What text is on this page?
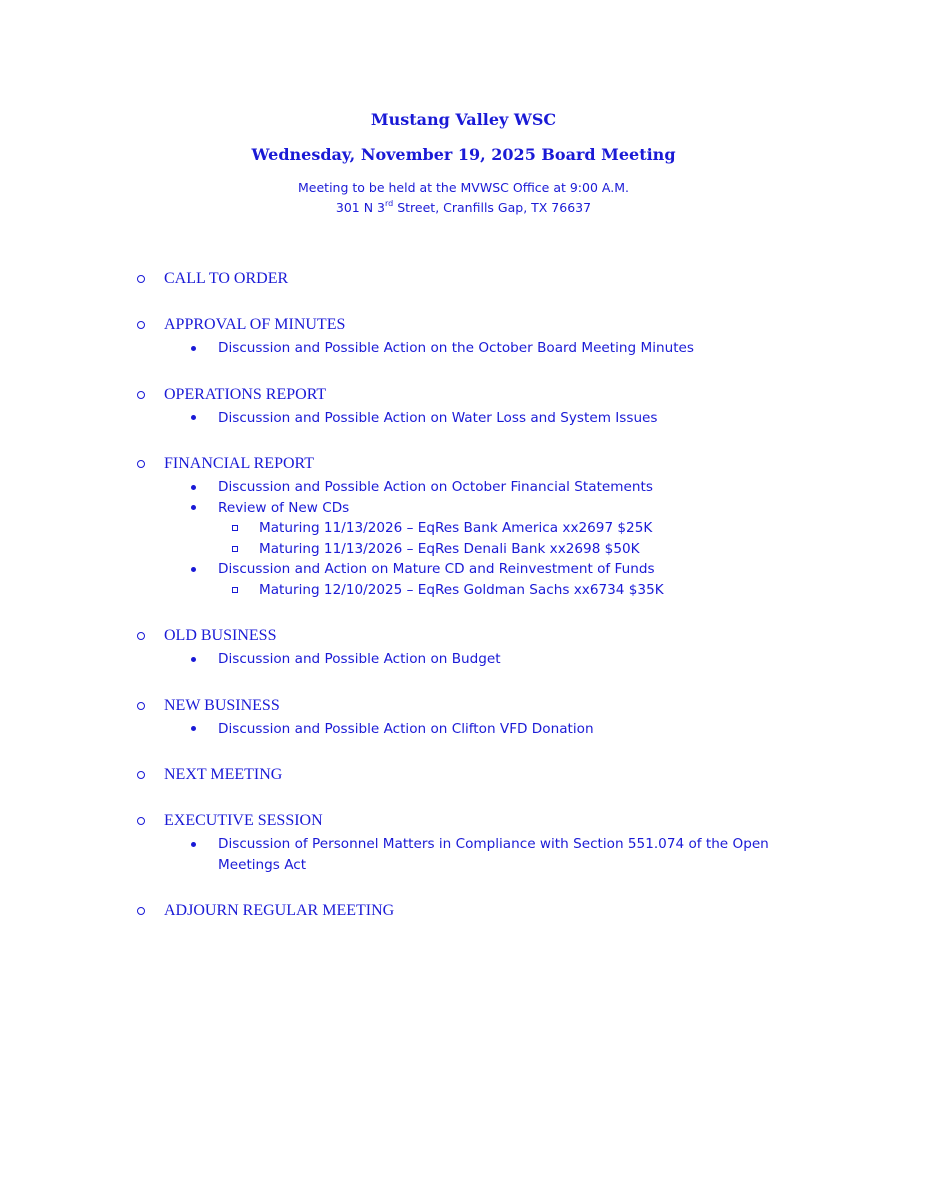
Mustang Valley WSC
Wednesday, November 19, 2025 Board Meeting
Meeting to be held at the MVWSC Office at 9:00 A.M.
301 N 3rd Street, Cranfills Gap, TX 76637
CALL TO ORDER
APPROVAL OF MINUTES
Discussion and Possible Action on the October Board Meeting Minutes
OPERATIONS REPORT
Discussion and Possible Action on Water Loss and System Issues
FINANCIAL REPORT
Discussion and Possible Action on October Financial Statements
Review of New CDs
Maturing 11/13/2026 – EqRes Bank America xx2697 $25K
Maturing 11/13/2026 – EqRes Denali Bank xx2698 $50K
Discussion and Action on Mature CD and Reinvestment of Funds
Maturing 12/10/2025 – EqRes Goldman Sachs xx6734 $35K
OLD BUSINESS
Discussion and Possible Action on Budget
NEW BUSINESS
Discussion and Possible Action on Clifton VFD Donation
NEXT MEETING
EXECUTIVE SESSION
Discussion of Personnel Matters in Compliance with Section 551.074 of the Open Meetings Act
ADJOURN REGULAR MEETING
